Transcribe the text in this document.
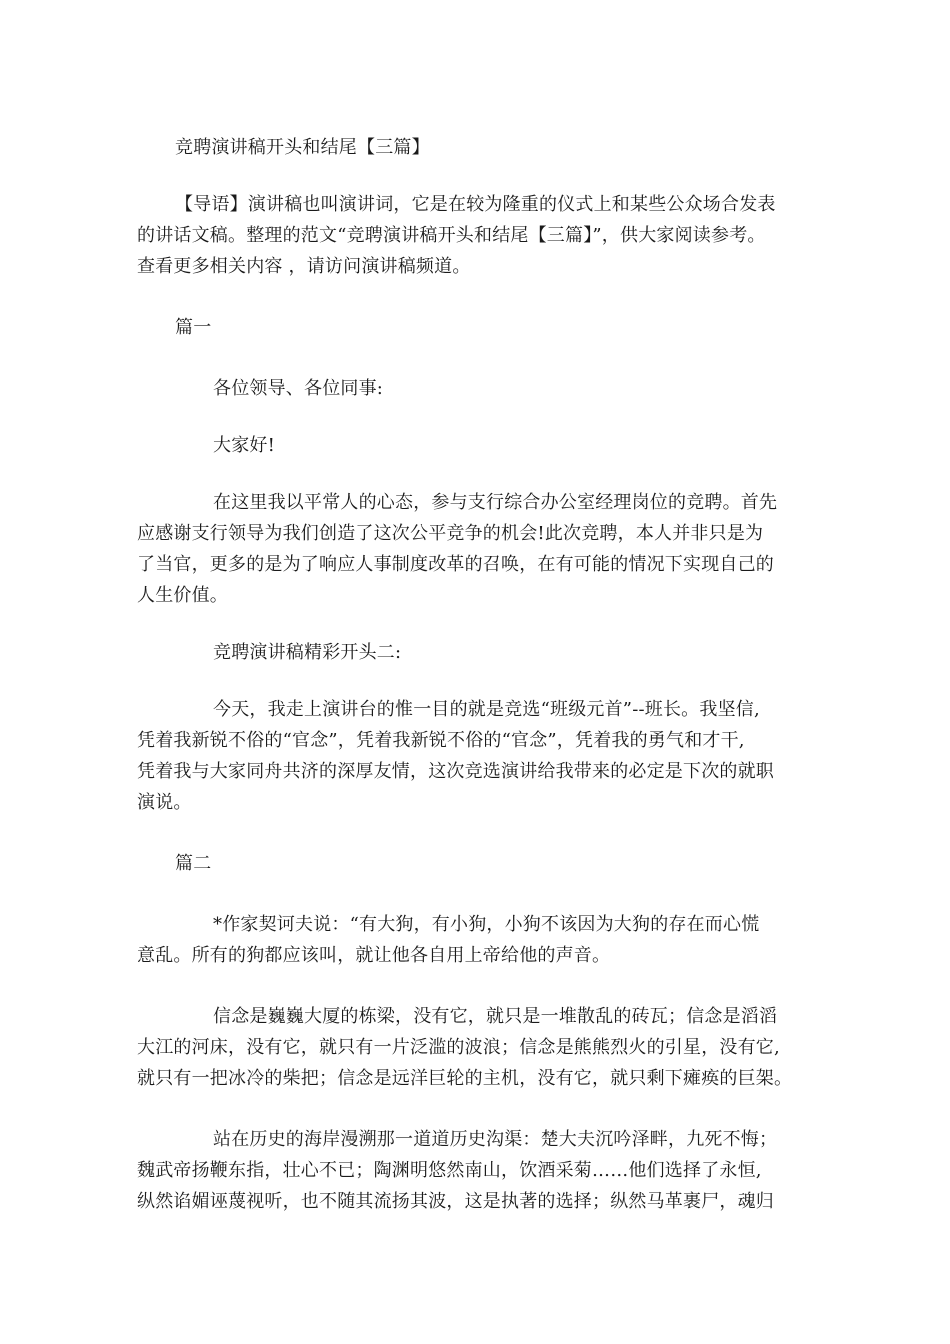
竞聘演讲稿开头和结尾【三篇】
【导语】演讲稿也叫演讲词，它是在较为隆重的仪式上和某些公众场合发表
的讲话文稿。整理的范文“竞聘演讲稿开头和结尾【三篇】”，供大家阅读参考。
查看更多相关内容 ，请访问演讲稿频道。
篇一
各位领导、各位同事:
大家好!
在这里我以平常人的心态，参与支行综合办公室经理岗位的竞聘。首先
应感谢支行领导为我们创造了这次公平竞争的机会!此次竞聘，本人并非只是为
了当官，更多的是为了响应人事制度改革的召唤，在有可能的情况下实现自己的
人生价值。
竞聘演讲稿精彩开头二:
今天，我走上演讲台的惟一目的就是竞选“班级元首”--班长。我坚信,
凭着我新锐不俗的“官念”，凭着我新锐不俗的“官念”，凭着我的勇气和才干,
凭着我与大家同舟共济的深厚友情，这次竞选演讲给我带来的必定是下次的就职
演说。
篇二
*作家契诃夫说：“有大狗，有小狗，小狗不该因为大狗的存在而心慌
意乱。所有的狗都应该叫，就让他各自用上帝给他的声音。
信念是巍巍大厦的栋梁，没有它，就只是一堆散乱的砖瓦；信念是滔滔
大江的河床，没有它，就只有一片泛滥的波浪；信念是熊熊烈火的引星，没有它,
就只有一把冰冷的柴把；信念是远洋巨轮的主机，没有它，就只剩下瘫痪的巨架。
站在历史的海岸漫溯那一道道历史沟渠：楚大夫沉吟泽畔，九死不悔；
魏武帝扬鞭东指，壮心不已；陶渊明悠然南山，饮酒采菊……他们选择了永恒,
纵然谄媚诬蔑视听，也不随其流扬其波，这是执著的选择；纵然马革裹尸，魂归
